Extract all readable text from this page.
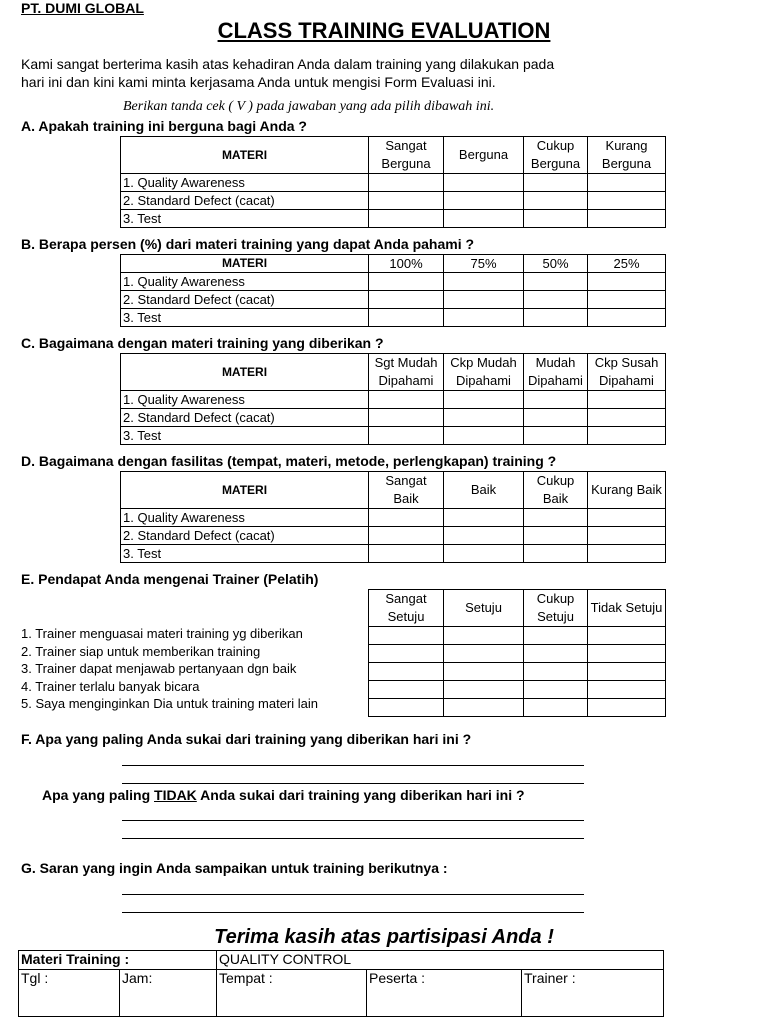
PT. DUMI GLOBAL
CLASS TRAINING EVALUATION
Kami sangat berterima kasih atas kehadiran Anda dalam training yang dilakukan pada
hari ini dan kini kami minta kerjasama Anda untuk mengisi Form Evaluasi ini.
Berikan tanda cek ( V ) pada jawaban yang ada pilih dibawah ini.
A. Apakah training ini berguna bagi Anda ?
MATERI	Sangat Berguna	Berguna	Cukup Berguna	Kurang Berguna
1. Quality Awareness				
2. Standard Defect (cacat)				
3. Test				
B. Berapa persen (%) dari materi training yang dapat Anda pahami ?
MATERI	100%	75%	50%	25%
1. Quality Awareness				
2. Standard Defect (cacat)				
3. Test				
C. Bagaimana dengan materi training yang diberikan ?
MATERI	Sgt Mudah Dipahami	Ckp Mudah Dipahami	Mudah Dipahami	Ckp Susah Dipahami
1. Quality Awareness				
2. Standard Defect (cacat)				
3. Test				
D. Bagaimana dengan fasilitas (tempat, materi, metode, perlengkapan) training ?
MATERI	Sangat Baik	Baik	Cukup Baik	Kurang Baik
1. Quality Awareness				
2. Standard Defect (cacat)				
3. Test				
E. Pendapat Anda mengenai Trainer (Pelatih)
Sangat Setuju	Setuju	Cukup Setuju	Tidak Setuju

1. Trainer menguasai materi training yg diberikan
2. Trainer siap untuk memberikan training
3. Trainer dapat menjawab pertanyaan dgn baik
4. Trainer terlalu banyak bicara
5. Saya menginginkan Dia untuk training materi lain
F. Apa yang paling Anda sukai dari training yang diberikan hari ini ?
Apa yang paling TIDAK Anda sukai dari training yang diberikan hari ini ?
G. Saran yang ingin Anda sampaikan untuk training berikutnya :
Terima kasih atas partisipasi Anda !
Materi Training :		QUALITY CONTROL		
Tgl :	Jam:	Tempat :	Peserta :	Trainer :
